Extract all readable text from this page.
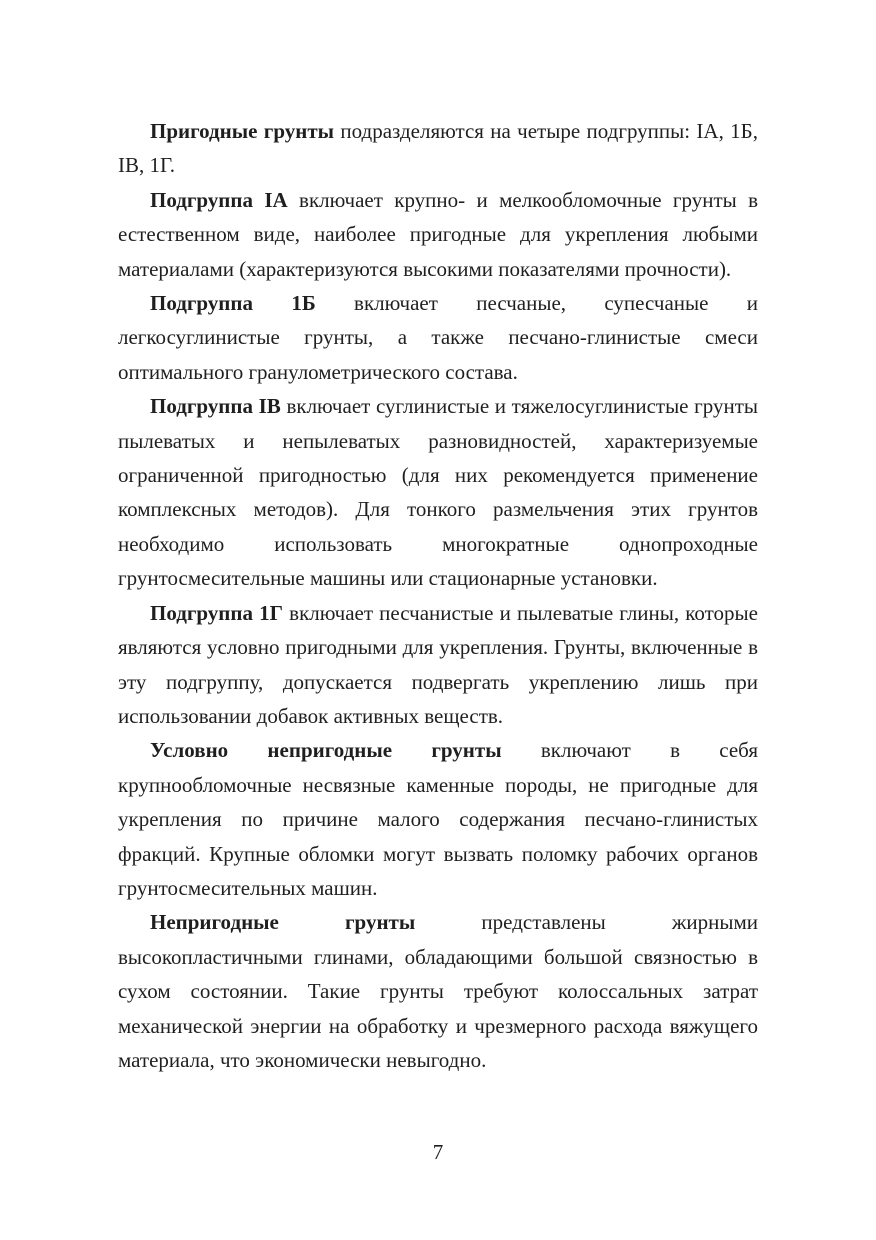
Пригодные грунты подразделяются на четыре подгруппы: IA, 1Б, IВ, 1Г.

Подгруппа IA включает крупно- и мелкообломочные грунты в естественном виде, наиболее пригодные для укрепления любыми материалами (характеризуются высокими показателями прочности).

Подгруппа 1Б включает песчаные, супесчаные и легкосуглинистые грунты, а также песчано-глинистые смеси оптимального гранулометрического состава.

Подгруппа IВ включает суглинистые и тяжелосуглинистые грунты пылеватых и непылеватых разновидностей, характеризуемые ограниченной пригодностью (для них рекомендуется применение комплексных методов). Для тонкого размельчения этих грунтов необходимо использовать многократные однопроходные грунтосмесительные машины или стационарные установки.

Подгруппа 1Г включает песчанистые и пылеватые глины, которые являются условно пригодными для укрепления. Грунты, включенные в эту подгруппу, допускается подвергать укреплению лишь при использовании добавок активных веществ.

Условно непригодные грунты включают в себя крупнообломочные несвязные каменные породы, не пригодные для укрепления по причине малого содержания песчано-глинистых фракций. Крупные обломки могут вызвать поломку рабочих органов грунтосмесительных машин.

Непригодные грунты представлены жирными высокопластичными глинами, обладающими большой связностью в сухом состоянии. Такие грунты требуют колоссальных затрат механической энергии на обработку и чрезмерного расхода вяжущего материала, что экономически невыгодно.

7
